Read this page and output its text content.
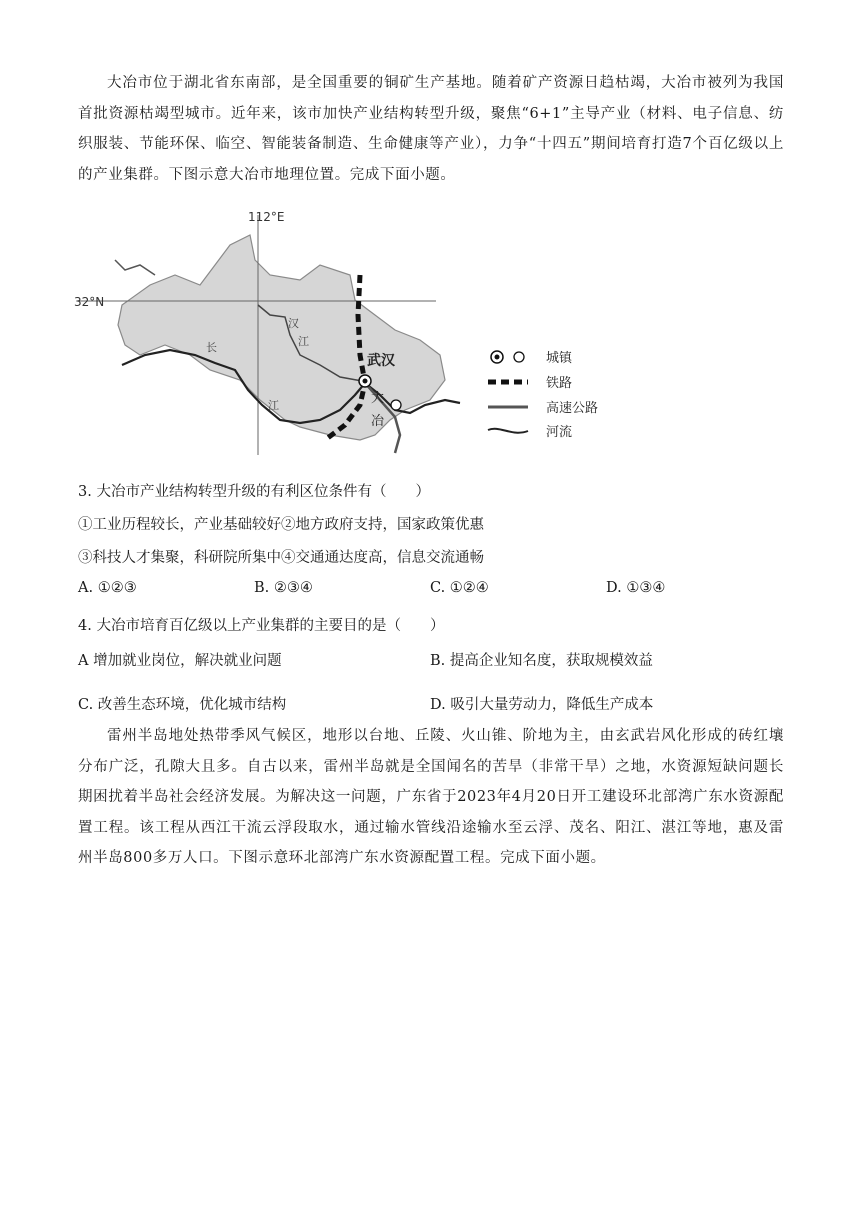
大冶市位于湖北省东南部，是全国重要的铜矿生产基地。随着矿产资源日趋枯竭，大冶市被列为我国首批资源枯竭型城市。近年来，该市加快产业结构转型升级，聚焦“6+1”主导产业（材料、电子信息、纺织服装、节能环保、临空、智能装备制造、生命健康等产业），力争“十四五”期间培育打造7个百亿级以上的产业集群。下图示意大冶市地理位置。完成下面小题。

112°E
32°N
武汉
大
冶
汉
江
长
江
城镇
铁路
高速公路
河流
3. 大冶市产业结构转型升级的有利区位条件有（　　）
①工业历程较长，产业基础较好②地方政府支持，国家政策优惠
③科技人才集聚，科研院所集中④交通通达度高，信息交流通畅
A. ①②③	B. ②③④	C. ①②④	D. ①③④
4. 大冶市培育百亿级以上产业集群的主要目的是（　　）
A 增加就业岗位，解决就业问题	B. 提高企业知名度，获取规模效益
C. 改善生态环境，优化城市结构	D. 吸引大量劳动力，降低生产成本

雷州半岛地处热带季风气候区，地形以台地、丘陵、火山锥、阶地为主，由玄武岩风化形成的砖红壤分布广泛，孔隙大且多。自古以来，雷州半岛就是全国闻名的苦旱（非常干旱）之地，水资源短缺问题长期困扰着半岛社会经济发展。为解决这一问题，广东省于2023年4月20日开工建设环北部湾广东水资源配置工程。该工程从西江干流云浮段取水，通过输水管线沿途输水至云浮、茂名、阳江、湛江等地，惠及雷州半岛800多万人口。下图示意环北部湾广东水资源配置工程。完成下面小题。
